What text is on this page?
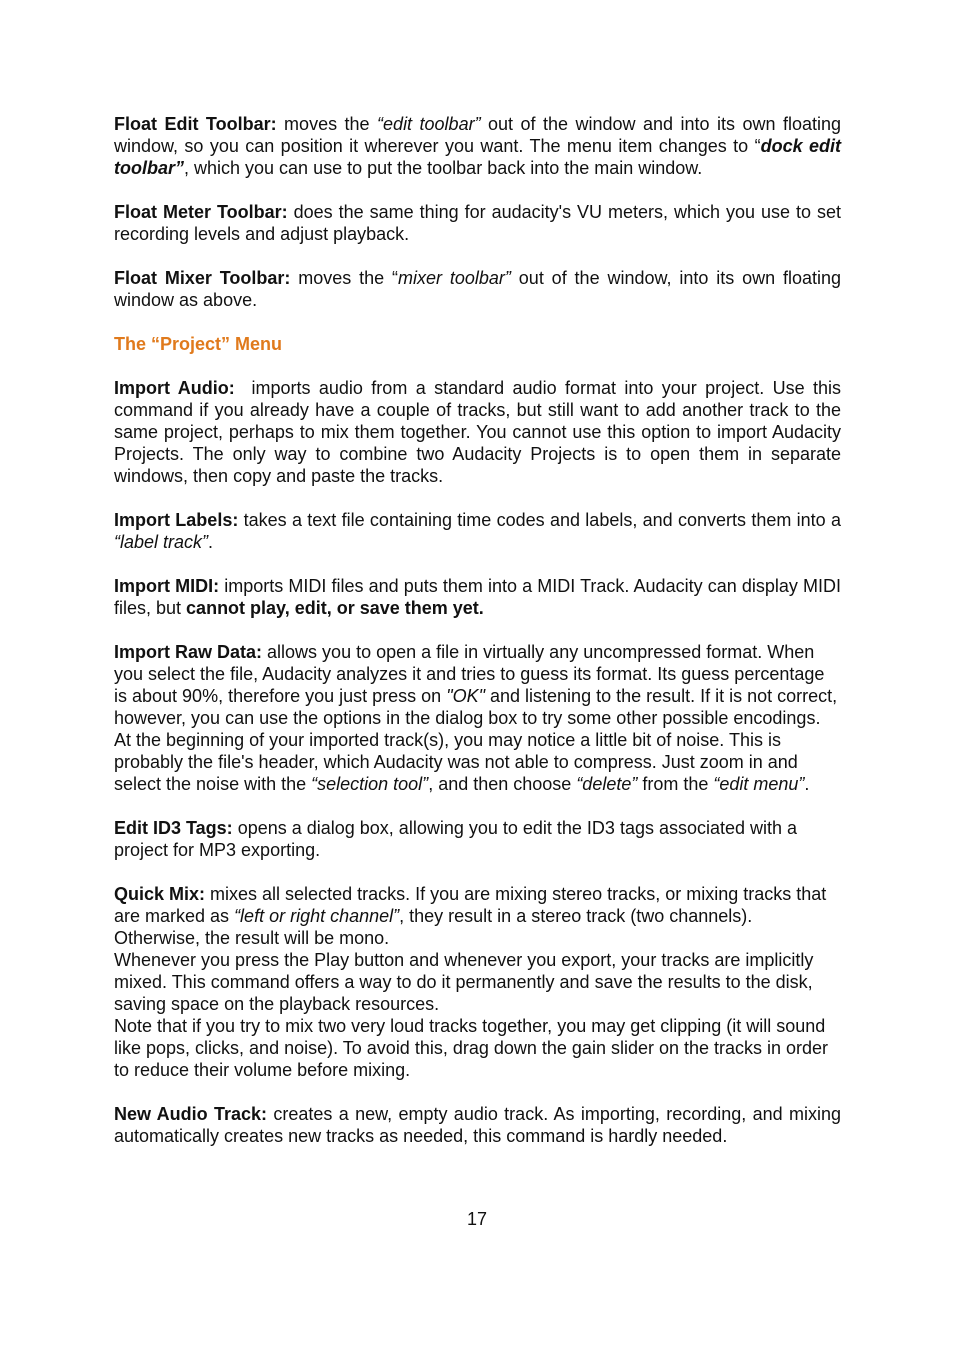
Float Edit Toolbar: moves the “edit toolbar” out of the window and into its own floating window, so you can position it wherever you want. The menu item changes to “dock edit toolbar”, which you can use to put the toolbar back into the main window.

Float Meter Toolbar: does the same thing for audacity's VU meters, which you use to set recording levels and adjust playback.

Float Mixer Toolbar: moves the “mixer toolbar” out of the window, into its own floating window as above.

The “Project” Menu

Import Audio:  imports audio from a standard audio format into your project. Use this command if you already have a couple of tracks, but still want to add another track to the same project, perhaps to mix them together. You cannot use this option to import Audacity Projects. The only way to combine two Audacity Projects is to open them in separate windows, then copy and paste the tracks.

Import Labels: takes a text file containing time codes and labels, and converts them into a “label track”.

Import MIDI: imports MIDI files and puts them into a MIDI Track. Audacity can display MIDI files, but cannot play, edit, or save them yet.

Import Raw Data: allows you to open a file in virtually any uncompressed format. When you select the file, Audacity analyzes it and tries to guess its format. Its guess percentage is about 90%, therefore you just press on "OK" and listening to the result. If it is not correct, however, you can use the options in the dialog box to try some other possible encodings.

At the beginning of your imported track(s), you may notice a little bit of noise. This is probably the file's header, which Audacity was not able to compress. Just zoom in and select the noise with the “selection tool”, and then choose “delete” from the “edit menu”.

Edit ID3 Tags: opens a dialog box, allowing you to edit the ID3 tags associated with a project for MP3 exporting.

Quick Mix: mixes all selected tracks. If you are mixing stereo tracks, or mixing tracks that are marked as “left or right channel”, they result in a stereo track (two channels). Otherwise, the result will be mono.

Whenever you press the Play button and whenever you export, your tracks are implicitly mixed. This command offers a way to do it permanently and save the results to the disk, saving space on the playback resources.

Note that if you try to mix two very loud tracks together, you may get clipping (it will sound like pops, clicks, and noise). To avoid this, drag down the gain slider on the tracks in order to reduce their volume before mixing.

New Audio Track: creates a new, empty audio track. As importing, recording, and mixing automatically creates new tracks as needed, this command is hardly needed.

17
